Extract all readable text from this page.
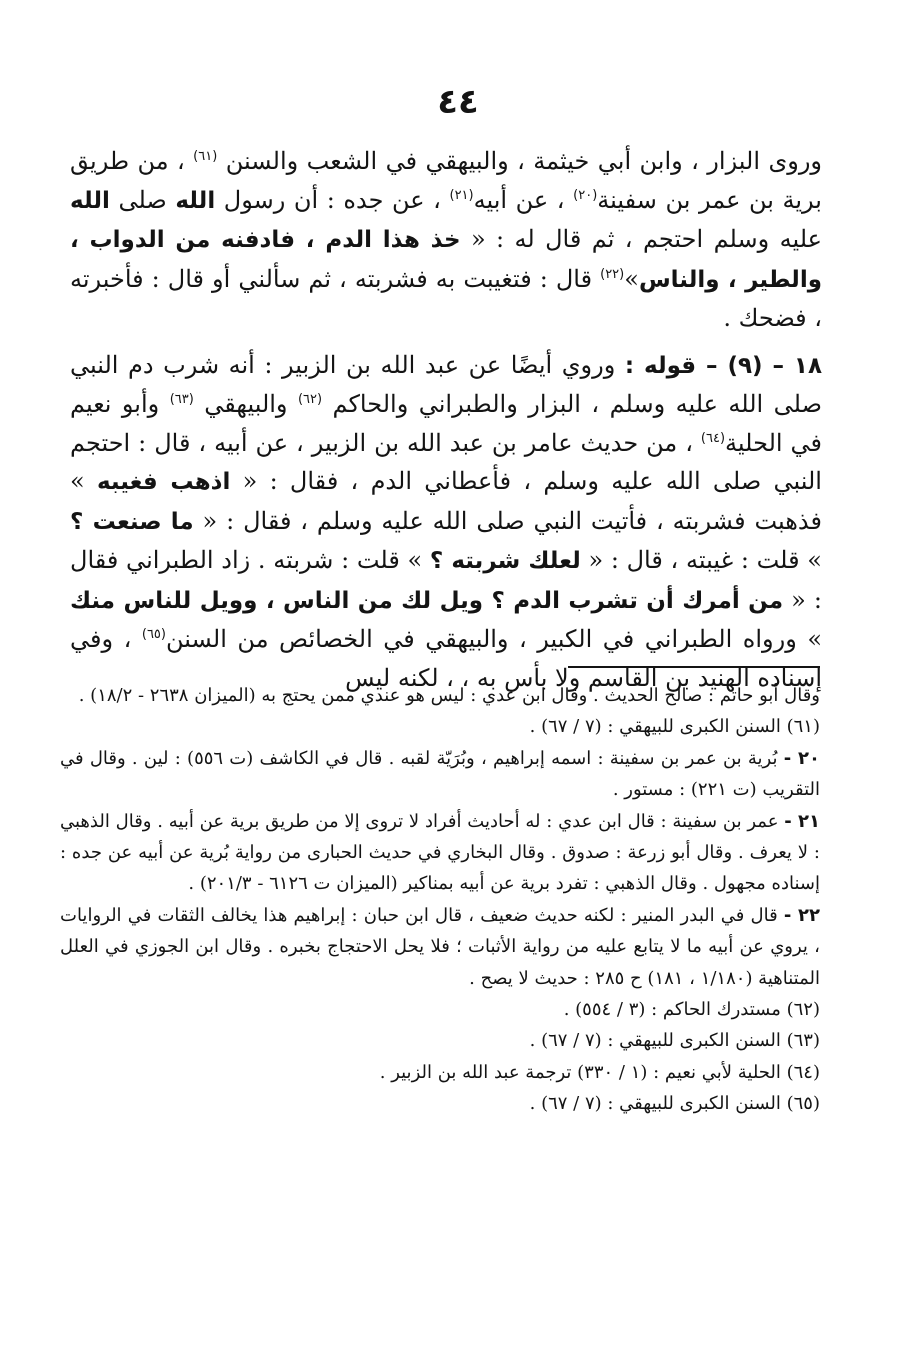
٤٤

وروى البزار ، وابن أبي خيثمة ، والبيهقي في الشعب والسنن $^{(٦١)}$ ، من طريق برية بن عمر بن سفينة$^{(٢٠)}$ ، عن أبيه$^{(٢١)}$ ، عن جده : أن رسول الله صلى الله عليه وسلم احتجم ، ثم قال له : « خذ هذا الدم ، فادفنه من الدواب ، والطير ، والناس»$^{(٢٢)}$ قال : فتغيبت به فشربته ، ثم سألني أو قال : فأخبرته ، فضحك .

١٨ – (٩) – قوله : وروي أيضًا عن عبد الله بن الزبير : أنه شرب دم النبي صلى الله عليه وسلم ، البزار والطبراني والحاكم $^{(٦٢)}$ والبيهقي $^{(٦٣)}$ وأبو نعيم في الحلية$^{(٦٤)}$ ، من حديث عامر بن عبد الله بن الزبير ، عن أبيه ، قال : احتجم النبي صلى الله عليه وسلم ، فأعطاني الدم ، فقال : « اذهب فغيبه » فذهبت فشربته ، فأتيت النبي صلى الله عليه وسلم ، فقال : « ما صنعت ؟ » قلت : غيبته ، قال : « لعلك شربته ؟ » قلت : شربته . زاد الطبراني فقال : « من أمرك أن تشرب الدم ؟ ويل لك من الناس ، وويل للناس منك » ورواه الطبراني في الكبير ، والبيهقي في الخصائص من السنن$^{(٦٥)}$ ، وفي إسناده الهنيد بن القاسم ولا بأس به ، ، لكنه ليس

وقال أبو حاتم : صالح الحديث . وقال ابن عدي : ليس هو عندي ممن يحتج به (الميزان ٢٦٣٨ - ١٨/٢) .
(٦١) السنن الكبرى للبيهقي : (٧ / ٦٧) .
٢٠ - بُرية بن عمر بن سفينة : اسمه إبراهيم ، وبُرَيّة لقبه . قال في الكاشف (ت ٥٥٦) : لين . وقال في التقريب (ت ٢٢١) : مستور .
٢١ - عمر بن سفينة : قال ابن عدي : له أحاديث أفراد لا تروى إلا من طريق برية عن أبيه . وقال الذهبي : لا يعرف . وقال أبو زرعة : صدوق . وقال البخاري في حديث الحبارى من رواية بُرية عن أبيه عن جده : إسناده مجهول . وقال الذهبي : تفرد برية عن أبيه بمناكير (الميزان ت ٦١٢٦ - ٢٠١/٣) .
٢٢ - قال في البدر المنير : لكنه حديث ضعيف ، قال ابن حبان : إبراهيم هذا يخالف الثقات في الروايات ، يروي عن أبيه ما لا يتابع عليه من رواية الأثبات ؛ فلا يحل الاحتجاج بخبره . وقال ابن الجوزي في العلل المتناهية (١/١٨٠ ، ١٨١) ح ٢٨٥ : حديث لا يصح .
(٦٢) مستدرك الحاكم : (٣ / ٥٥٤) .
(٦٣) السنن الكبرى للبيهقي : (٧ / ٦٧) .
(٦٤) الحلية لأبي نعيم : (١ / ٣٣٠) ترجمة عبد الله بن الزبير .
(٦٥) السنن الكبرى للبيهقي : (٧ / ٦٧) .
